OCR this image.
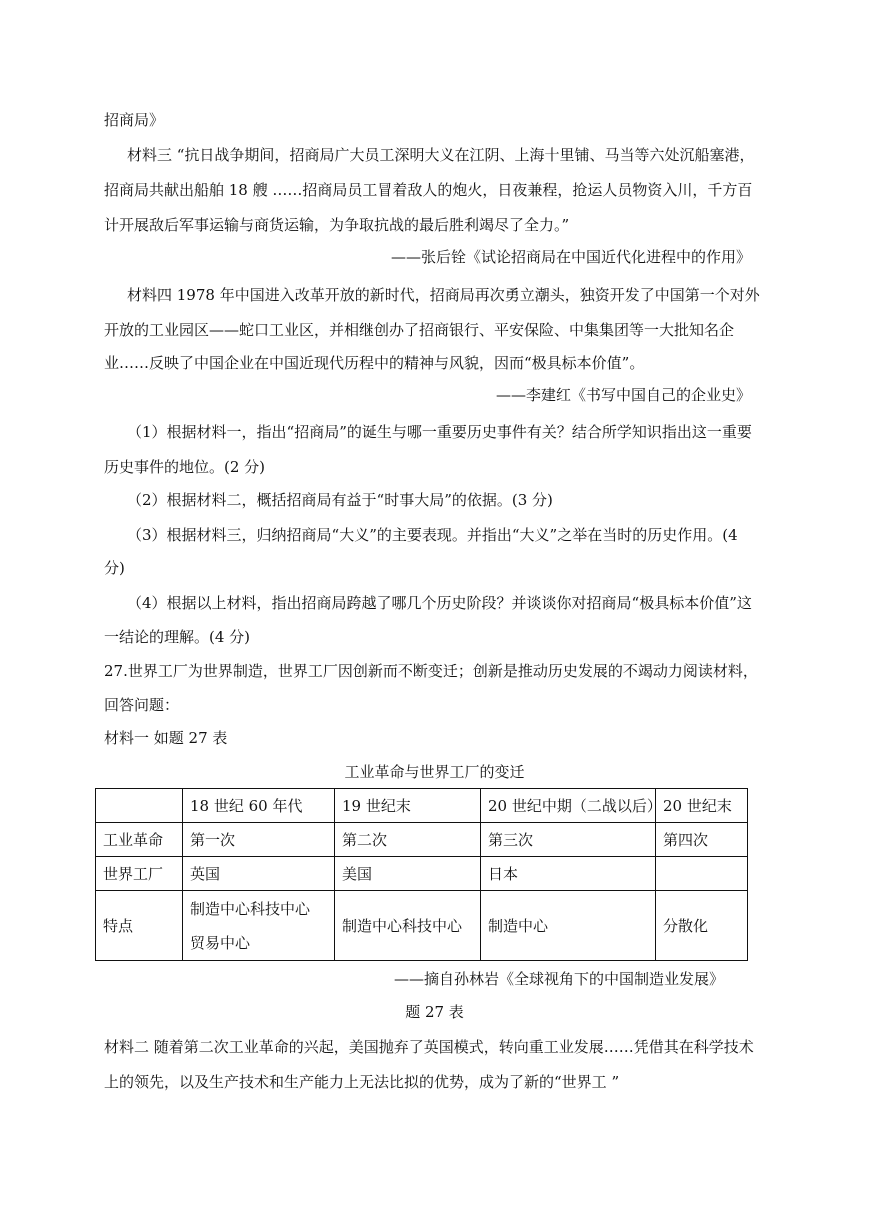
招商局》
材料三 “抗日战争期间，招商局广大员工深明大义在江阴、上海十里铺、马当等六处沉船塞港，
招商局共献出船舶 18 艘 ……招商局员工冒着敌人的炮火，日夜兼程，抢运人员物资入川，千方百
计开展敌后军事运输与商货运输，为争取抗战的最后胜利竭尽了全力。”
——张后铨《试论招商局在中国近代化进程中的作用》
材料四 1978 年中国进入改革开放的新时代，招商局再次勇立潮头，独资开发了中国第一个对外
开放的工业园区——蛇口工业区，并相继创办了招商银行、平安保险、中集集团等一大批知名企
业……反映了中国企业在中国近现代历程中的精神与风貌，因而“极具标本价值”。
——李建红《书写中国自己的企业史》
（1）根据材料一，指出“招商局”的诞生与哪一重要历史事件有关？结合所学知识指出这一重要
历史事件的地位。(2 分)
（2）根据材料二，概括招商局有益于“时事大局”的依据。(3 分)
（3）根据材料三，归纳招商局“大义”的主要表现。并指出“大义”之举在当时的历史作用。(4
分)
（4）根据以上材料，指出招商局跨越了哪几个历史阶段？并谈谈你对招商局“极具标本价值”这
一结论的理解。(4 分)
27.世界工厂为世界制造，世界工厂因创新而不断变迁；创新是推动历史发展的不竭动力阅读材料，
回答问题：
材料一 如题 27 表
工业革命与世界工厂的变迁
	18 世纪 60 年代	19 世纪末	20 世纪中期（二战以后）	20 世纪末
工业革命	第一次	第二次	第三次	第四次
世界工厂	英国	美国	日本	
特点	制造中心科技中心
贸易中心	制造中心科技中心	制造中心	分散化
——摘自孙林岩《全球视角下的中国制造业发展》
题 27 表
材料二 随着第二次工业革命的兴起，美国抛弃了英国模式，转向重工业发展……凭借其在科学技术
上的领先，以及生产技术和生产能力上无法比拟的优势，成为了新的“世界工 ”
